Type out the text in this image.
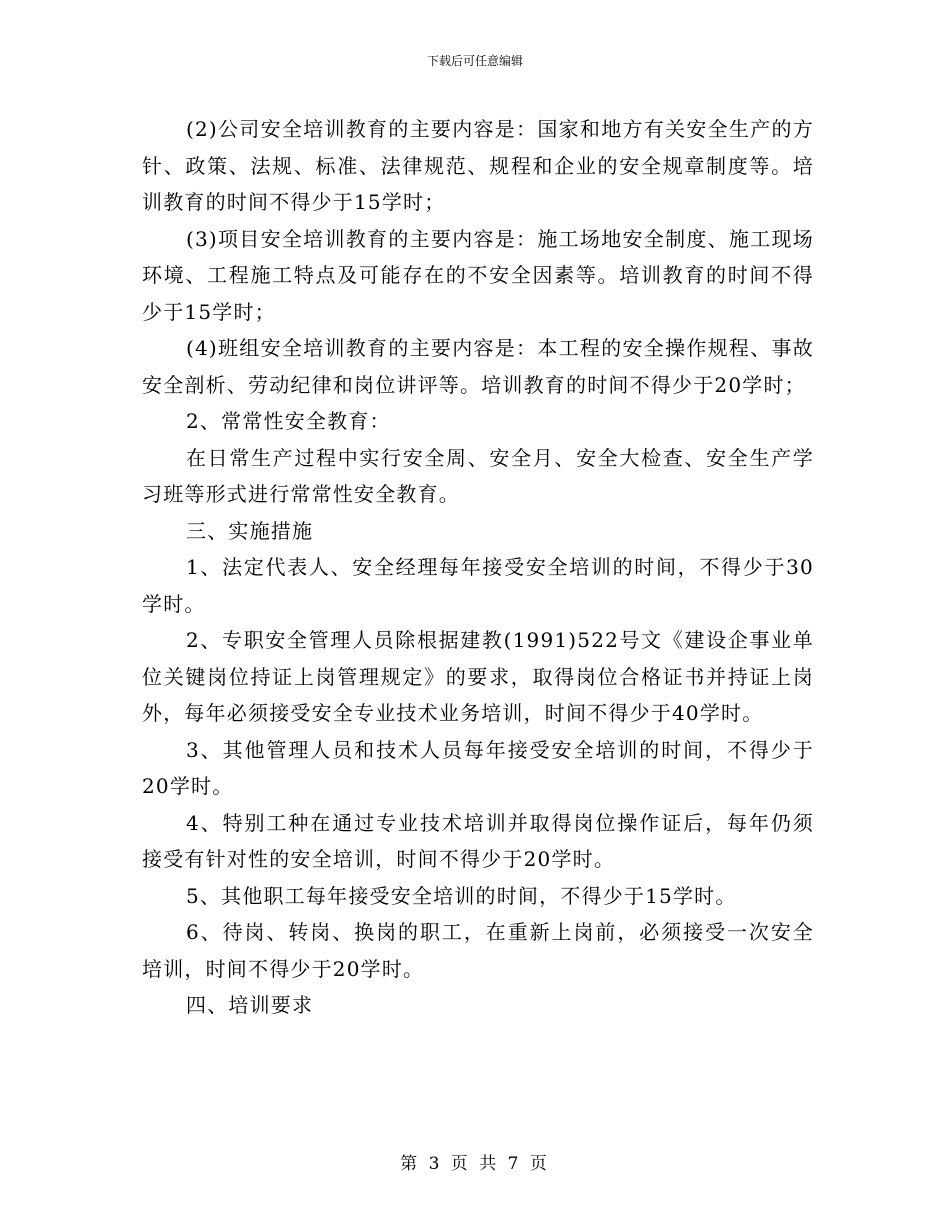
下载后可任意编辑

(2)公司安全培训教育的主要内容是：国家和地方有关安全生产的方针、政策、法规、标准、法律规范、规程和企业的安全规章制度等。培训教育的时间不得少于15学时；

(3)项目安全培训教育的主要内容是：施工场地安全制度、施工现场环境、工程施工特点及可能存在的不安全因素等。培训教育的时间不得少于15学时；

(4)班组安全培训教育的主要内容是：本工程的安全操作规程、事故安全剖析、劳动纪律和岗位讲评等。培训教育的时间不得少于20学时；

2、常常性安全教育：

在日常生产过程中实行安全周、安全月、安全大检查、安全生产学习班等形式进行常常性安全教育。

三、实施措施

1、法定代表人、安全经理每年接受安全培训的时间，不得少于30学时。

2、专职安全管理人员除根据建教(1991)522号文《建设企事业单位关键岗位持证上岗管理规定》的要求，取得岗位合格证书并持证上岗外，每年必须接受安全专业技术业务培训，时间不得少于40学时。

3、其他管理人员和技术人员每年接受安全培训的时间，不得少于20学时。

4、特别工种在通过专业技术培训并取得岗位操作证后，每年仍须接受有针对性的安全培训，时间不得少于20学时。

5、其他职工每年接受安全培训的时间，不得少于15学时。

6、待岗、转岗、换岗的职工，在重新上岗前，必须接受一次安全培训，时间不得少于20学时。

四、培训要求

第 3 页 共 7 页
